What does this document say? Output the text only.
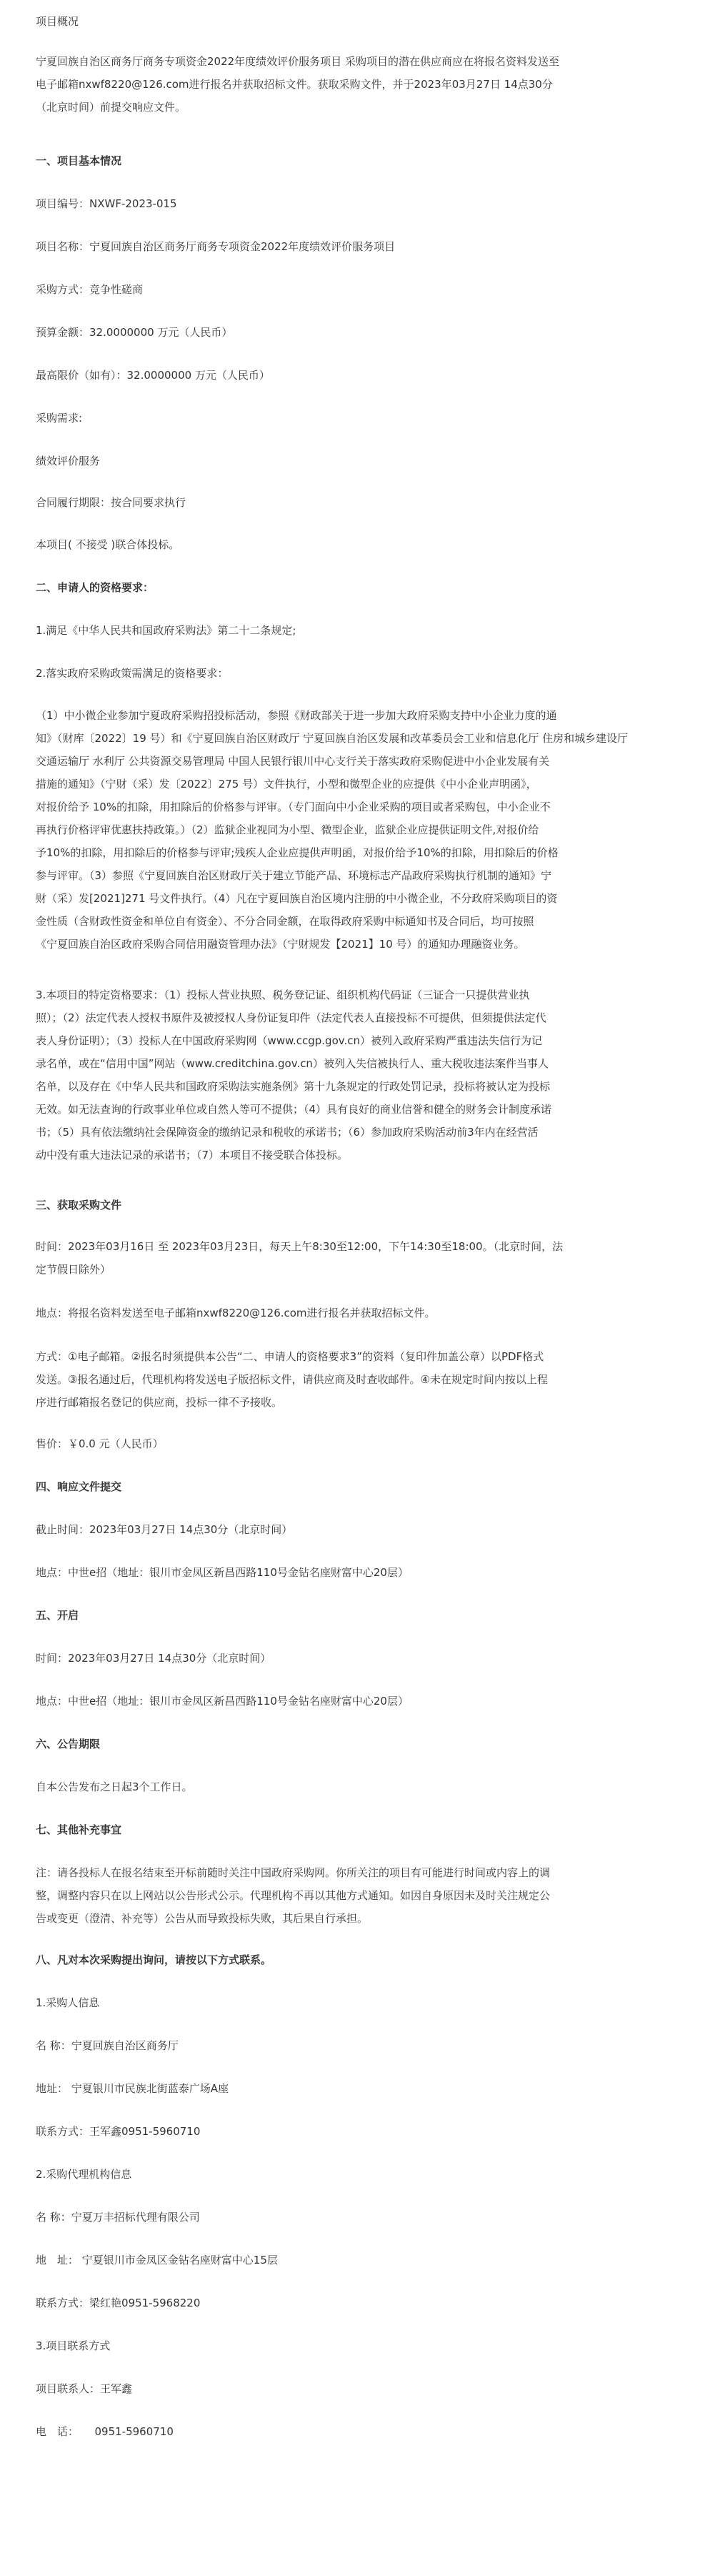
项目概况
宁夏回族自治区商务厅商务专项资金2022年度绩效评价服务项目 采购项目的潜在供应商应在将报名资料发送至
电子邮箱nxwf8220@126.com进行报名并获取招标文件。获取采购文件，并于2023年03月27日 14点30分
（北京时间）前提交响应文件。
一、项目基本情况
项目编号：NXWF-2023-015
项目名称：宁夏回族自治区商务厅商务专项资金2022年度绩效评价服务项目
采购方式：竞争性磋商
预算金额：32.0000000 万元（人民币）
最高限价（如有）：32.0000000 万元（人民币）
采购需求:
绩效评价服务
合同履行期限：按合同要求执行
本项目( 不接受 )联合体投标。
二、申请人的资格要求：
1.满足《中华人民共和国政府采购法》第二十二条规定;
2.落实政府采购政策需满足的资格要求：
（1）中小微企业参加宁夏政府采购招投标活动，参照《财政部关于进一步加大政府采购支持中小企业力度的通
知》（财库〔2022〕19 号）和《宁夏回族自治区财政厅 宁夏回族自治区发展和改革委员会工业和信息化厅 住房和城乡建设厅
交通运输厅 水利厅 公共资源交易管理局 中国人民银行银川中心支行关于落实政府采购促进中小企业发展有关
措施的通知》（宁财（采）发〔2022〕275 号）文件执行，小型和微型企业的应提供《中小企业声明函》，
对报价给予 10%的扣除，用扣除后的价格参与评审。（专门面向中小企业采购的项目或者采购包，中小企业不
再执行价格评审优惠扶持政策。）（2）监狱企业视同为小型、微型企业，监狱企业应提供证明文件,对报价给
予10%的扣除，用扣除后的价格参与评审;残疾人企业应提供声明函，对报价给予10%的扣除，用扣除后的价格
参与评审。（3）参照《宁夏回族自治区财政厅关于建立节能产品、环境标志产品政府采购执行机制的通知》宁
财（采）发[2021]271 号文件执行。（4）凡在宁夏回族自治区境内注册的中小微企业，不分政府采购项目的资
金性质（含财政性资金和单位自有资金）、不分合同金额，在取得政府采购中标通知书及合同后，均可按照
《宁夏回族自治区政府采购合同信用融资管理办法》（宁财规发【2021】10 号）的通知办理融资业务。
3.本项目的特定资格要求：（1）投标人营业执照、税务登记证、组织机构代码证（三证合一只提供营业执
照）；（2）法定代表人授权书原件及被授权人身份证复印件（法定代表人直接投标不可提供，但须提供法定代
表人身份证明）；（3）投标人在中国政府采购网（www.ccgp.gov.cn）被列入政府采购严重违法失信行为记
录名单，或在“信用中国”网站（www.creditchina.gov.cn）被列入失信被执行人、重大税收违法案件当事人
名单，以及存在《中华人民共和国政府采购法实施条例》第十九条规定的行政处罚记录，投标将被认定为投标
无效。如无法查询的行政事业单位或自然人等可不提供；（4）具有良好的商业信誉和健全的财务会计制度承诺
书；（5）具有依法缴纳社会保障资金的缴纳记录和税收的承诺书；（6）参加政府采购活动前3年内在经营活
动中没有重大违法记录的承诺书；（7）本项目不接受联合体投标。
三、获取采购文件
时间：2023年03月16日 至 2023年03月23日，每天上午8:30至12:00，下午14:30至18:00。（北京时间，法
定节假日除外）
地点：将报名资料发送至电子邮箱nxwf8220@126.com进行报名并获取招标文件。
方式：①电子邮箱。②报名时须提供本公告“二、申请人的资格要求3”的资料（复印件加盖公章）以PDF格式
发送。③报名通过后，代理机构将发送电子版招标文件，请供应商及时查收邮件。④未在规定时间内按以上程
序进行邮箱报名登记的供应商，投标一律不予接收。
售价：￥0.0 元（人民币）
四、响应文件提交
截止时间：2023年03月27日 14点30分（北京时间）
地点：中世e招（地址：银川市金凤区新昌西路110号金钻名座财富中心20层）
五、开启
时间：2023年03月27日 14点30分（北京时间）
地点：中世e招（地址：银川市金凤区新昌西路110号金钻名座财富中心20层）
六、公告期限
自本公告发布之日起3个工作日。
七、其他补充事宜
注：请各投标人在报名结束至开标前随时关注中国政府采购网。你所关注的项目有可能进行时间或内容上的调
整，调整内容只在以上网站以公告形式公示。代理机构不再以其他方式通知。如因自身原因未及时关注规定公
告或变更（澄清、补充等）公告从而导致投标失败，其后果自行承担。
八、凡对本次采购提出询问，请按以下方式联系。
1.采购人信息
名 称：宁夏回族自治区商务厅
地址： 宁夏银川市民族北街蓝泰广场A座
联系方式：王军鑫0951-5960710
2.采购代理机构信息
名 称：宁夏万丰招标代理有限公司
地　址： 宁夏银川市金凤区金钻名座财富中心15层
联系方式：梁红艳0951-5968220
3.项目联系方式
项目联系人：王军鑫
电　话：　　0951-5960710
